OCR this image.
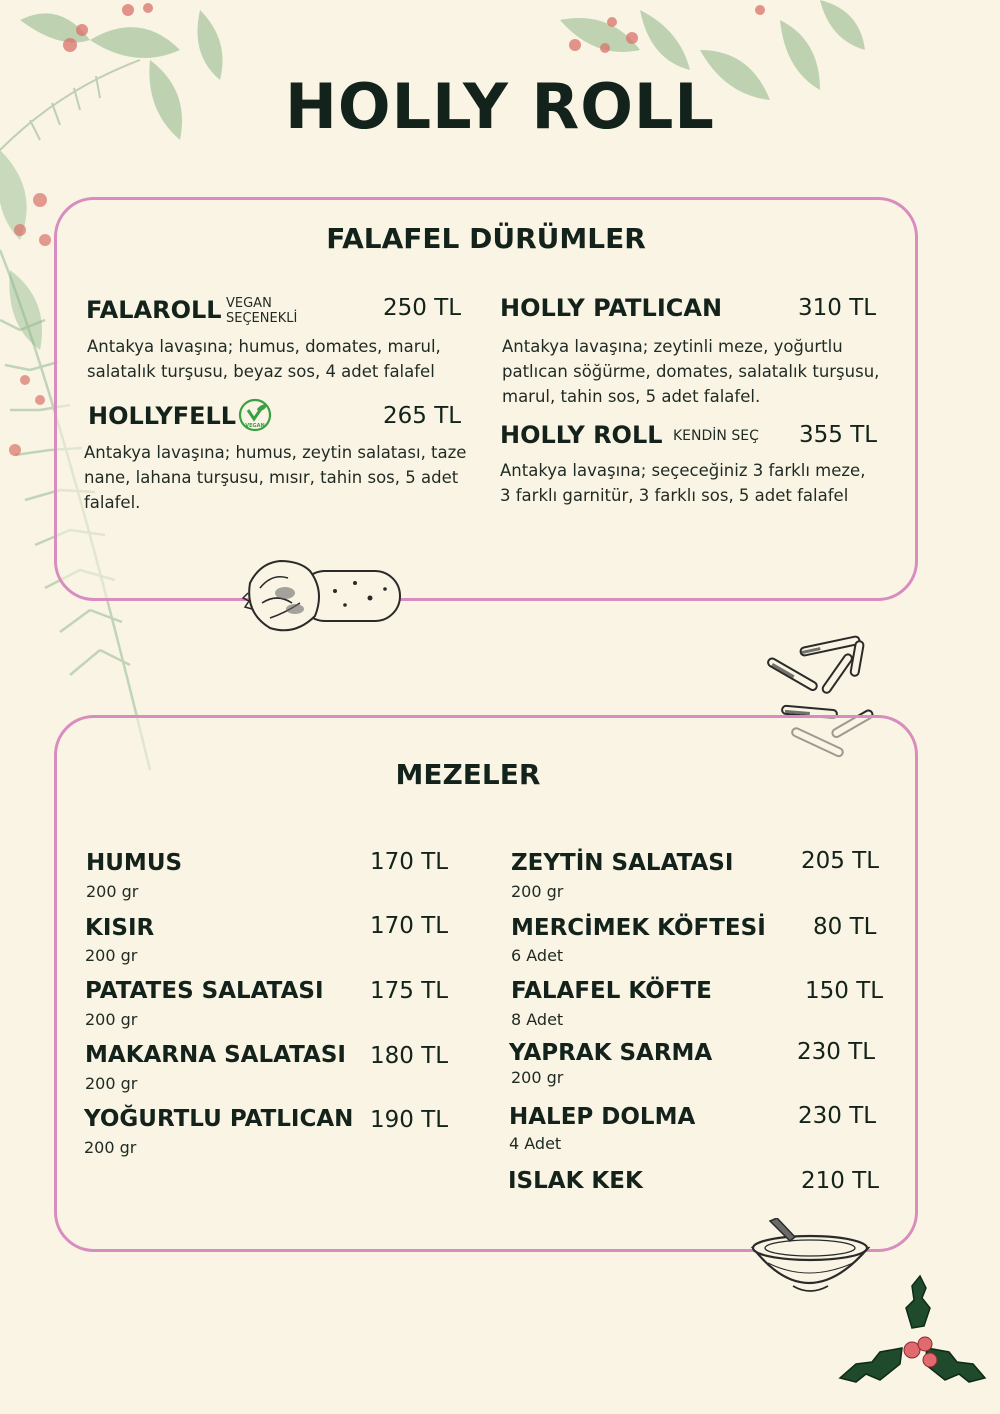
HOLLY ROLL
FALAFEL DÜRÜMLER
FALAROLL VEGAN
SEÇENEKLİ	250 TL
Antakya lavaşına; humus, domates, marul,
salatalık turşusu, beyaz sos, 4 adet falafel
HOLLYFELL VEGAN	265 TL
Antakya lavaşına; humus, zeytin salatası, taze
nane, lahana turşusu, mısır, tahin sos, 5 adet
falafel.
HOLLY PATLICAN	310 TL
Antakya lavaşına; zeytinli meze, yoğurtlu
patlıcan söğürme, domates, salatalık turşusu,
marul, tahin sos, 5 adet falafel.
HOLLY ROLL KENDİN SEÇ 355 TL
Antakya lavaşına; seçeceğiniz 3 farklı meze,
3 farklı garnitür, 3 farklı sos, 5 adet falafel
MEZELER
HUMUS	170 TL
200 gr
KISIR	170 TL
200 gr
PATATES SALATASI 175 TL
200 gr
MAKARNA SALATASI 180 TL
200 gr
YOĞURTLU PATLICAN 190 TL
200 gr
ZEYTİN SALATASI	205 TL
200 gr
MERCİMEK KÖFTESİ 80 TL
6 Adet
FALAFEL KÖFTE	150 TL
8 Adet
YAPRAK SARMA	230 TL
200 gr
HALEP DOLMA	230 TL
4 Adet
ISLAK KEK	210 TL
